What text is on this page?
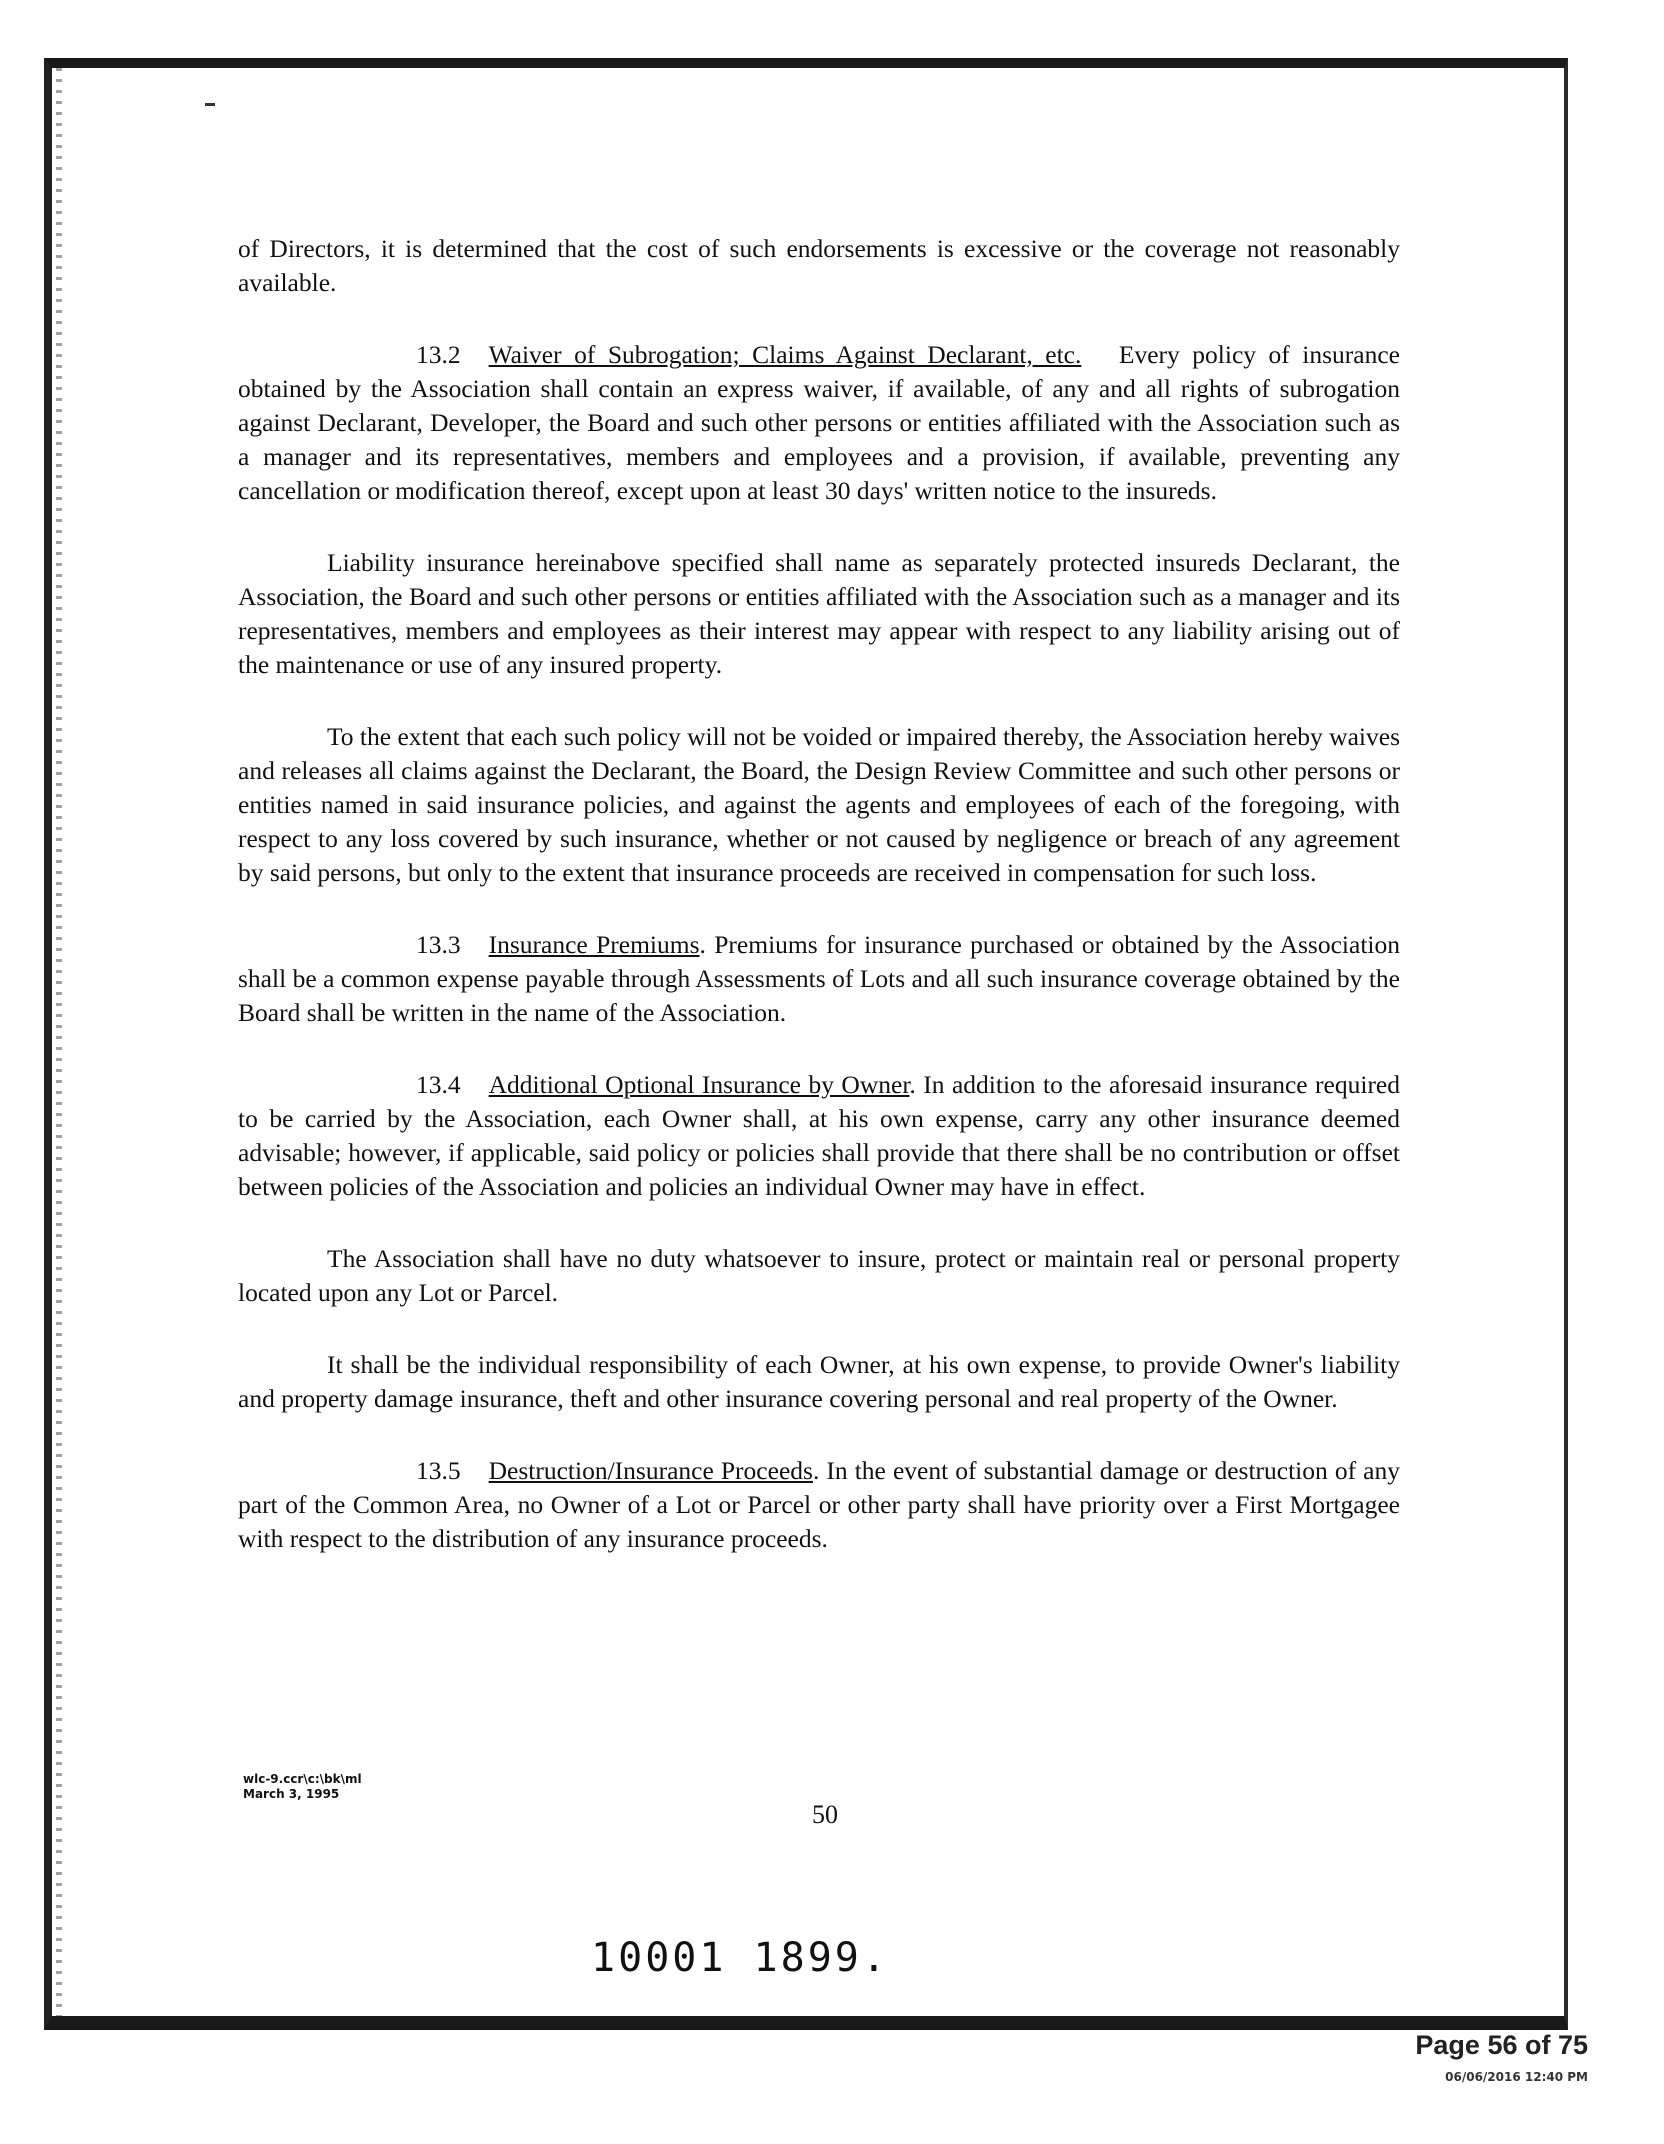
of Directors, it is determined that the cost of such endorsements is excessive or the coverage not reasonably available.

13.2 Waiver of Subrogation; Claims Against Declarant, etc. Every policy of insurance obtained by the Association shall contain an express waiver, if available, of any and all rights of subrogation against Declarant, Developer, the Board and such other persons or entities affiliated with the Association such as a manager and its representatives, members and employees and a provision, if available, preventing any cancellation or modification thereof, except upon at least 30 days' written notice to the insureds.

Liability insurance hereinabove specified shall name as separately protected insureds Declarant, the Association, the Board and such other persons or entities affiliated with the Association such as a manager and its representatives, members and employees as their interest may appear with respect to any liability arising out of the maintenance or use of any insured property.

To the extent that each such policy will not be voided or impaired thereby, the Association hereby waives and releases all claims against the Declarant, the Board, the Design Review Committee and such other persons or entities named in said insurance policies, and against the agents and employees of each of the foregoing, with respect to any loss covered by such insurance, whether or not caused by negligence or breach of any agreement by said persons, but only to the extent that insurance proceeds are received in compensation for such loss.

13.3 Insurance Premiums. Premiums for insurance purchased or obtained by the Association shall be a common expense payable through Assessments of Lots and all such insurance coverage obtained by the Board shall be written in the name of the Association.

13.4 Additional Optional Insurance by Owner. In addition to the aforesaid insurance required to be carried by the Association, each Owner shall, at his own expense, carry any other insurance deemed advisable; however, if applicable, said policy or policies shall provide that there shall be no contribution or offset between policies of the Association and policies an individual Owner may have in effect.

The Association shall have no duty whatsoever to insure, protect or maintain real or personal property located upon any Lot or Parcel.

It shall be the individual responsibility of each Owner, at his own expense, to provide Owner's liability and property damage insurance, theft and other insurance covering personal and real property of the Owner.

13.5 Destruction/Insurance Proceeds. In the event of substantial damage or destruction of any part of the Common Area, no Owner of a Lot or Parcel or other party shall have priority over a First Mortgagee with respect to the distribution of any insurance proceeds.

wlc-9.ccr\c:\bk\ml
March 3, 1995
50
10001 1899.
Page 56 of 75
06/06/2016 12:40 PM
